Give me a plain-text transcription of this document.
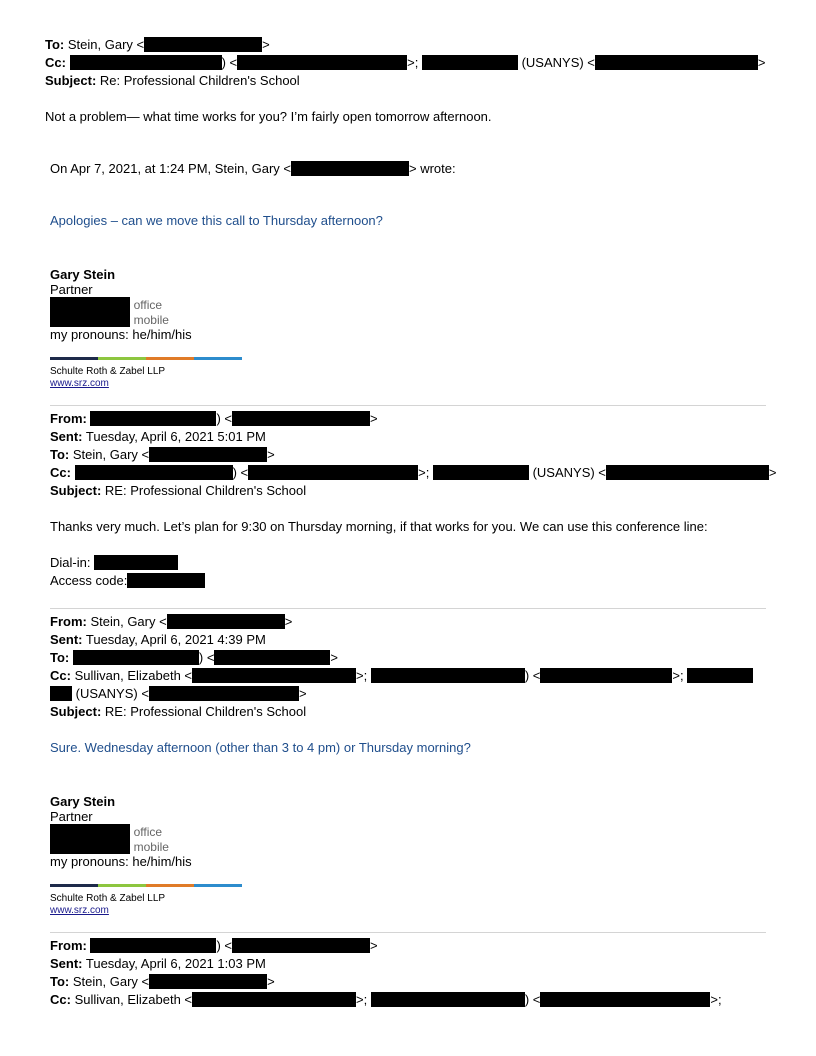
To: Stein, Gary <	>
Cc:	) <	>;	(USANYS) <	>
Subject: Re: Professional Children's School
Not a problem— what time works for you? I’m fairly open tomorrow afternoon.
On Apr 7, 2021, at 1:24 PM, Stein, Gary <	> wrote:
Apologies – can we move this call to Thursday afternoon?
Gary Stein
Partner
office
mobile
my pronouns: he/him/his
Schulte Roth & Zabel LLP
www.srz.com
From:	) <	>
Sent: Tuesday, April 6, 2021 5:01 PM
To: Stein, Gary <	>
Cc:	) <	>;	(USANYS) <	>
Subject: RE: Professional Children's School
Thanks very much. Let’s plan for 9:30 on Thursday morning, if that works for you. We can use this conference line:
Dial-in:
Access code:
From: Stein, Gary <	>
Sent: Tuesday, April 6, 2021 4:39 PM
To:	) <	>
Cc: Sullivan, Elizabeth <	>;	) <	>;
(USANYS) <	>
Subject: RE: Professional Children's School
Sure. Wednesday afternoon (other than 3 to 4 pm) or Thursday morning?
Gary Stein
Partner
office
mobile
my pronouns: he/him/his
Schulte Roth & Zabel LLP
www.srz.com
From:	) <	>
Sent: Tuesday, April 6, 2021 1:03 PM
To: Stein, Gary <	>
Cc: Sullivan, Elizabeth <	>;	) <	>;
